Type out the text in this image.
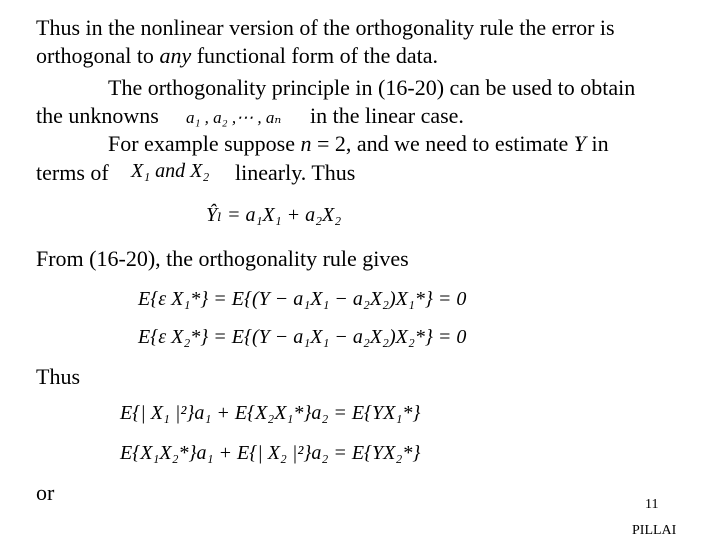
Thus in the nonlinear version of the orthogonality rule the error is
orthogonal to any functional form of the data.
The orthogonality principle in (16-20) can be used to obtain
the unknowns a₁ , a₂ ,⋯ , aₙ in the linear case.
For example suppose n = 2, and we need to estimate Y in
terms of X₁ and X₂ linearly. Thus
Ŷₗ = a₁X₁ + a₂X₂
From (16-20), the orthogonality rule gives
E{ε X₁*} = E{(Y − a₁X₁ − a₂X₂)X₁*} = 0
E{ε X₂*} = E{(Y − a₁X₁ − a₂X₂)X₂*} = 0
Thus
E{| X₁ |²}a₁ + E{X₂X₁*}a₂ = E{YX₁*}
E{X₁X₂*}a₁ + E{| X₂ |²}a₂ = E{YX₂*}
or	11
PILLAI
